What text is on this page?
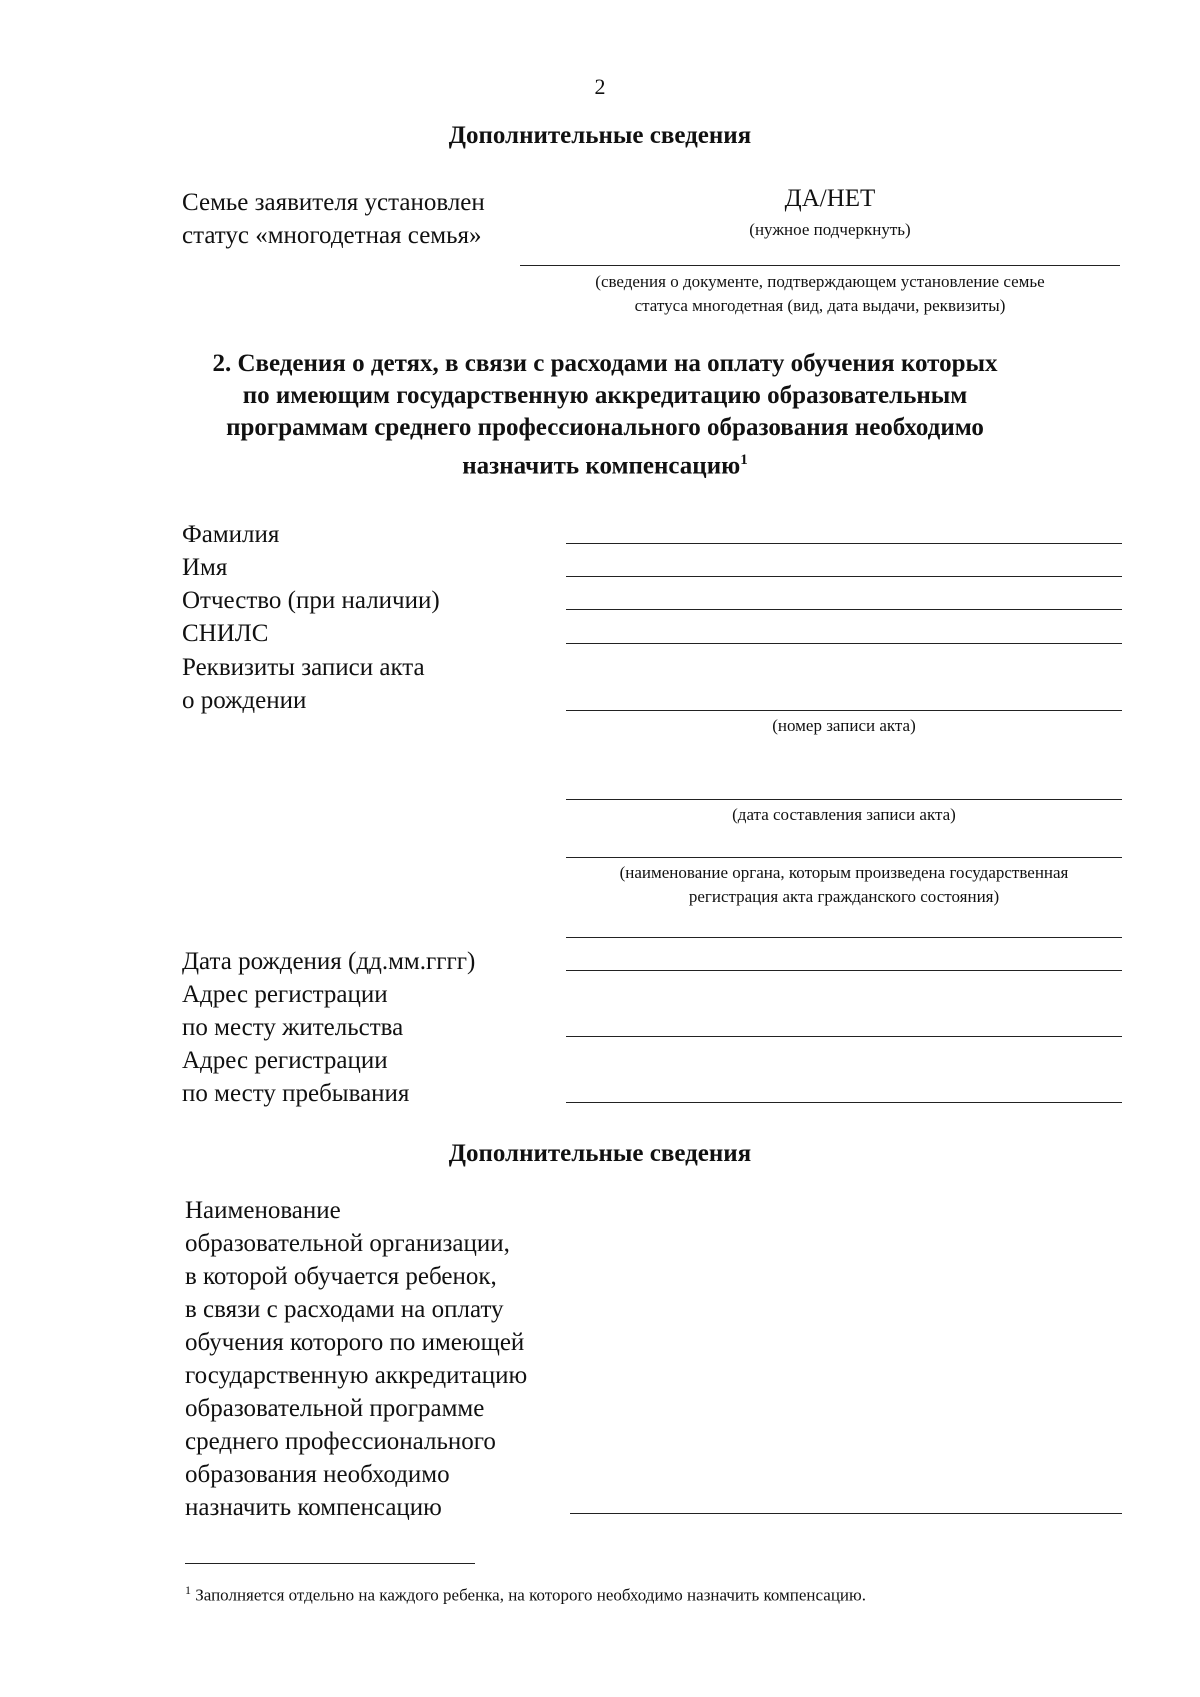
2
Дополнительные сведения
Семье заявителя установлен
статус «многодетная семья»
ДА/НЕТ
(нужное подчеркнуть)
(сведения о документе, подтверждающем установление семье
статуса многодетная (вид, дата выдачи, реквизиты)
2. Сведения о детях, в связи с расходами на оплату обучения которых
по имеющим государственную аккредитацию образовательным
программам среднего профессионального образования необходимо
назначить компенсацию$^1$
Фамилия
Имя
Отчество (при наличии)
СНИЛС
Реквизиты записи акта
о рождении
(номер записи акта)
(дата составления записи акта)
(наименование органа, которым произведена государственная
регистрация акта гражданского состояния)
Дата рождения (дд.мм.гггг)
Адрес регистрации
по месту жительства
Адрес регистрации
по месту пребывания
Дополнительные сведения
Наименование
образовательной организации,
в которой обучается ребенок,
в связи с расходами на оплату
обучения которого по имеющей
государственную аккредитацию
образовательной программе
среднего профессионального
образования необходимо
назначить компенсацию
$^1$ Заполняется отдельно на каждого ребенка, на которого необходимо назначить компенсацию.
